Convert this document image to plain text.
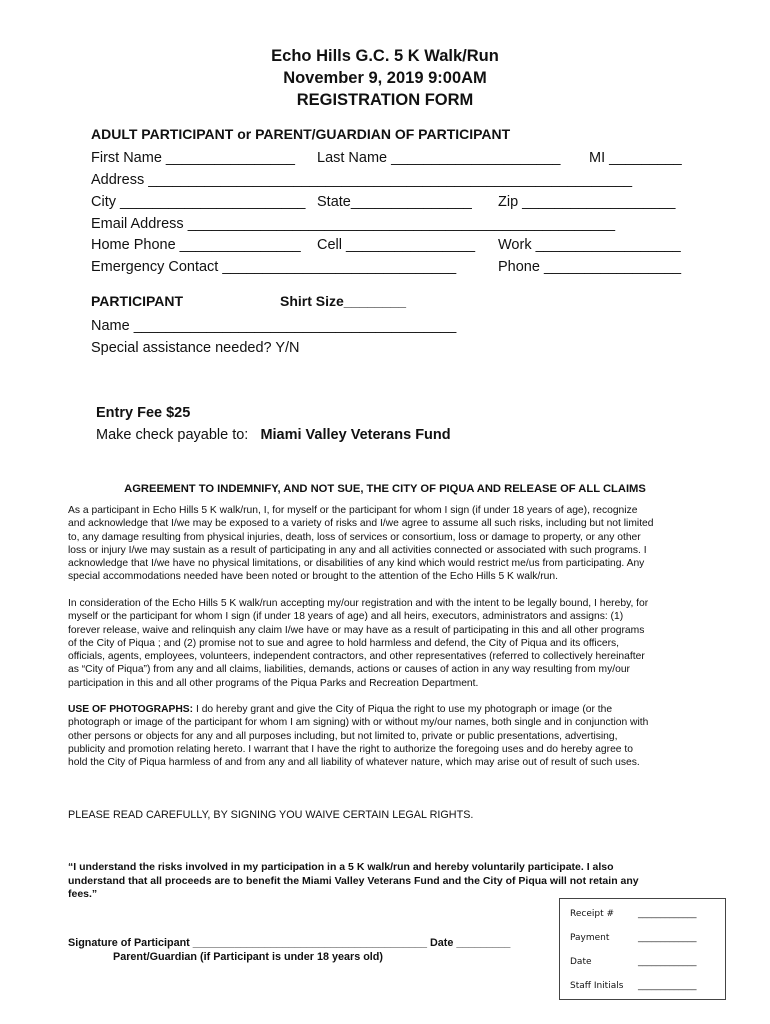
Echo Hills G.C. 5 K Walk/Run
November 9, 2019 9:00AM
REGISTRATION FORM
ADULT PARTICIPANT or PARENT/GUARDIAN OF PARTICIPANT
First Name ________________ Last Name _____________________ MI _________
Address ____________________________________________________________
City _______________________ State_______________ Zip ___________________
Email Address _____________________________________________________
Home Phone _______________ Cell ________________ Work __________________
Emergency Contact _____________________________	Phone _________________
PARTICIPANT	Shirt Size________
Name ________________________________________
Special assistance needed? Y/N
Entry Fee $25
Make check payable to: Miami Valley Veterans Fund
AGREEMENT TO INDEMNIFY, AND NOT SUE, THE CITY OF PIQUA AND RELEASE OF ALL CLAIMS

As a participant in Echo Hills 5 K walk/run, I, for myself or the participant for whom I sign (if under 18 years of age), recognize

and acknowledge that I/we may be exposed to a variety of risks and I/we agree to assume all such risks, including but not limited

to, any damage resulting from physical injuries, death, loss of services or consortium, loss or damage to property, or any other

loss or injury I/we may sustain as a result of participating in any and all activities connected or associated with such programs. I

acknowledge that I/we have no physical limitations, or disabilities of any kind which would restrict me/us from participating. Any

special accommodations needed have been noted or brought to the attention of the Echo Hills 5 K walk/run.

In consideration of the Echo Hills 5 K walk/run accepting my/our registration and with the intent to be legally bound, I hereby, for

myself or the participant for whom I sign (if under 18 years of age) and all heirs, executors, administrators and assigns: (1)

forever release, waive and relinquish any claim I/we have or may have as a result of participating in this and all other programs

of the City of Piqua ; and (2) promise not to sue and agree to hold harmless and defend, the City of Piqua and its officers,

officials, agents, employees, volunteers, independent contractors, and other representatives (referred to collectively hereinafter

as “City of Piqua”) from any and all claims, liabilities, demands, actions or causes of action in any way resulting from my/our

participation in this and all other programs of the Piqua Parks and Recreation Department.

USE OF PHOTOGRAPHS: I do hereby grant and give the City of Piqua the right to use my photograph or image (or the

photograph or image of the participant for whom I am signing) with or without my/our names, both single and in conjunction with

other persons or objects for any and all purposes including, but not limited to, private or public presentations, advertising,

publicity and promotion relating hereto. I warrant that I have the right to authorize the foregoing uses and do hereby agree to

hold the City of Piqua harmless of and from any and all liability of whatever nature, which may arise out of result of such uses.

PLEASE READ CAREFULLY, BY SIGNING YOU WAIVE CERTAIN LEGAL RIGHTS.

“I understand the risks involved in my participation in a 5 K walk/run and hereby voluntarily participate. I also

understand that all proceeds are to benefit the Miami Valley Veterans Fund and the City of Piqua will not retain any

fees.”

Signature of Participant _______________________________________ Date _________
Parent/Guardian (if Participant is under 18 years old)
Receipt #	_____________
Payment	_____________
Date	_____________
Staff Initials _____________
